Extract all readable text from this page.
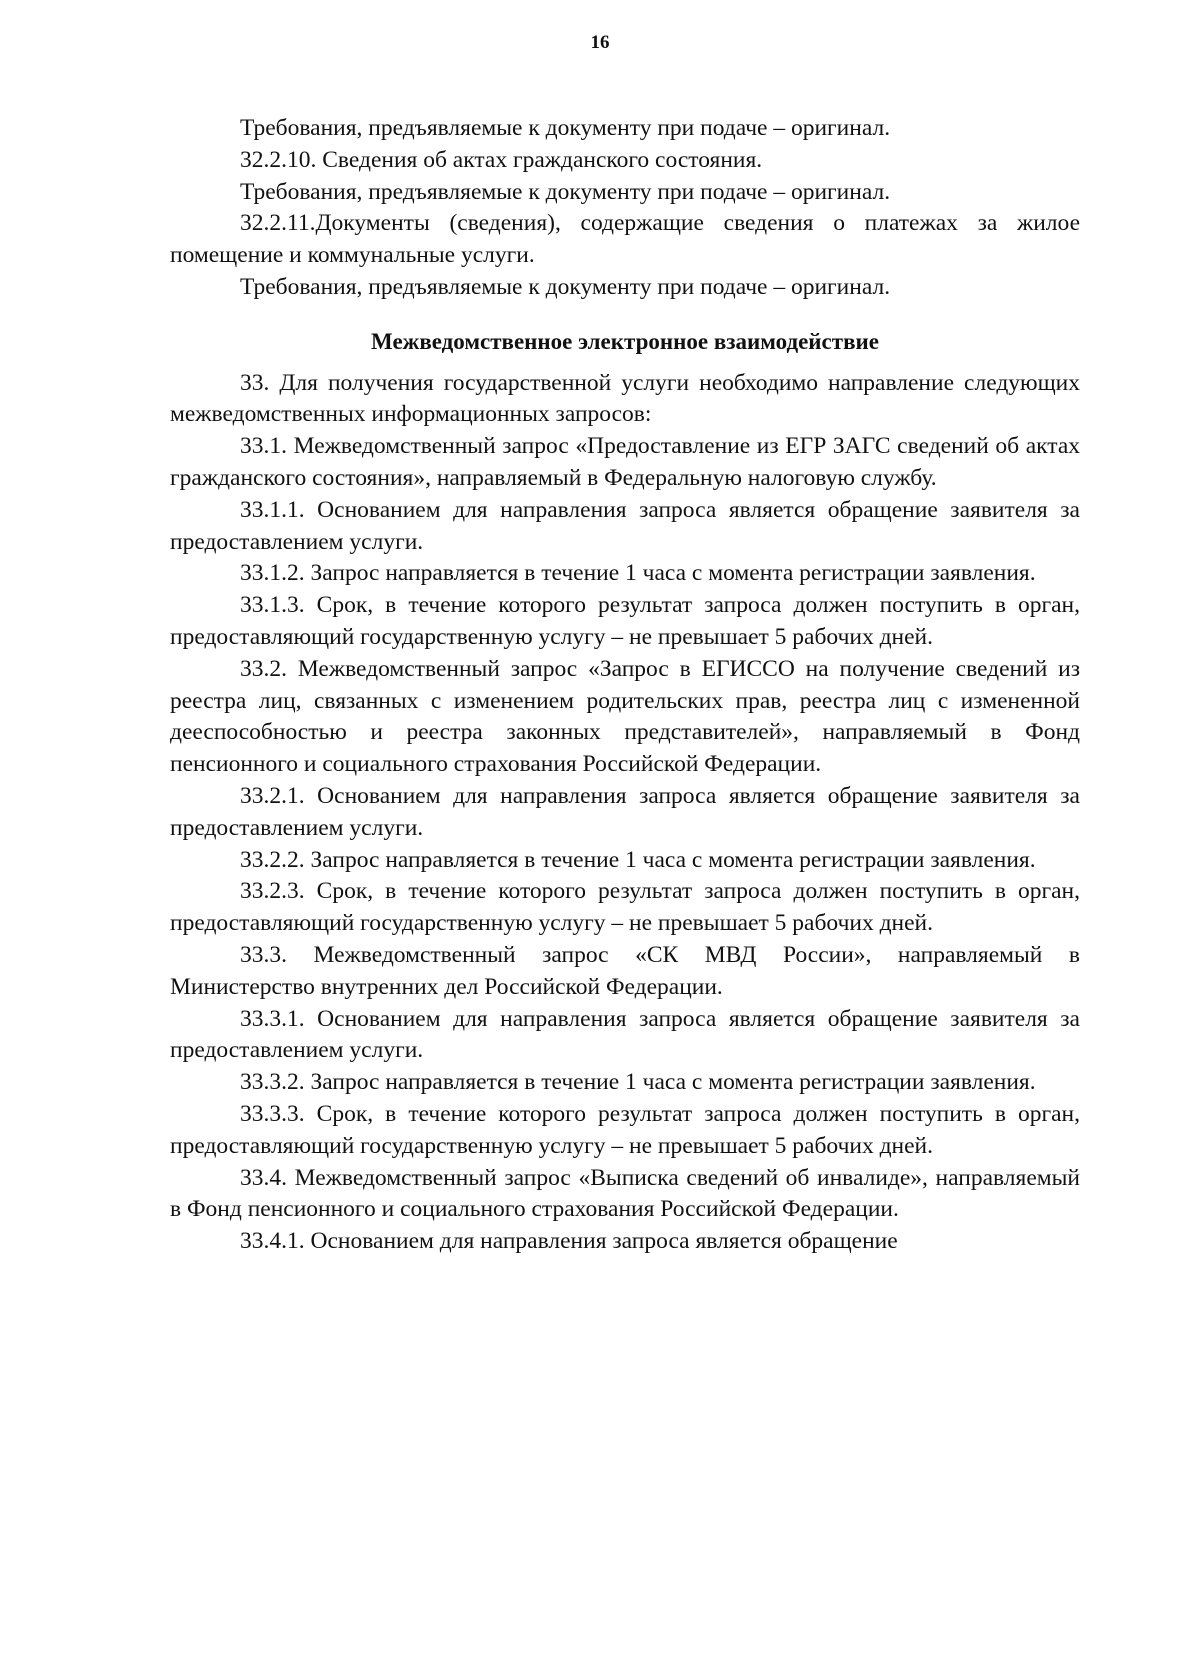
16

Требования, предъявляемые к документу при подаче – оригинал.

32.2.10. Сведения об актах гражданского состояния.

Требования, предъявляемые к документу при подаче – оригинал.

32.2.11.Документы (сведения), содержащие сведения о платежах за жилое помещение и коммунальные услуги.

Требования, предъявляемые к документу при подаче – оригинал.

Межведомственное электронное взаимодействие

33. Для получения государственной услуги необходимо направление следующих межведомственных информационных запросов:

33.1. Межведомственный запрос «Предоставление из ЕГР ЗАГС сведений об актах гражданского состояния», направляемый в Федеральную налоговую службу.

33.1.1. Основанием для направления запроса является обращение заявителя за предоставлением услуги.

33.1.2. Запрос направляется в течение 1 часа с момента регистрации заявления.

33.1.3. Срок, в течение которого результат запроса должен поступить в орган, предоставляющий государственную услугу – не превышает 5 рабочих дней.

33.2. Межведомственный запрос «Запрос в ЕГИССО на получение сведений из реестра лиц, связанных с изменением родительских прав, реестра лиц с измененной дееспособностью и реестра законных представителей», направляемый в Фонд пенсионного и социального страхования Российской Федерации.

33.2.1. Основанием для направления запроса является обращение заявителя за предоставлением услуги.

33.2.2. Запрос направляется в течение 1 часа с момента регистрации заявления.

33.2.3. Срок, в течение которого результат запроса должен поступить в орган, предоставляющий государственную услугу – не превышает 5 рабочих дней.

33.3. Межведомственный запрос «СК МВД России», направляемый в Министерство внутренних дел Российской Федерации.

33.3.1. Основанием для направления запроса является обращение заявителя за предоставлением услуги.

33.3.2. Запрос направляется в течение 1 часа с момента регистрации заявления.

33.3.3. Срок, в течение которого результат запроса должен поступить в орган, предоставляющий государственную услугу – не превышает 5 рабочих дней.

33.4. Межведомственный запрос «Выписка сведений об инвалиде», направляемый в Фонд пенсионного и социального страхования Российской Федерации.

33.4.1. Основанием для направления запроса является обращение
